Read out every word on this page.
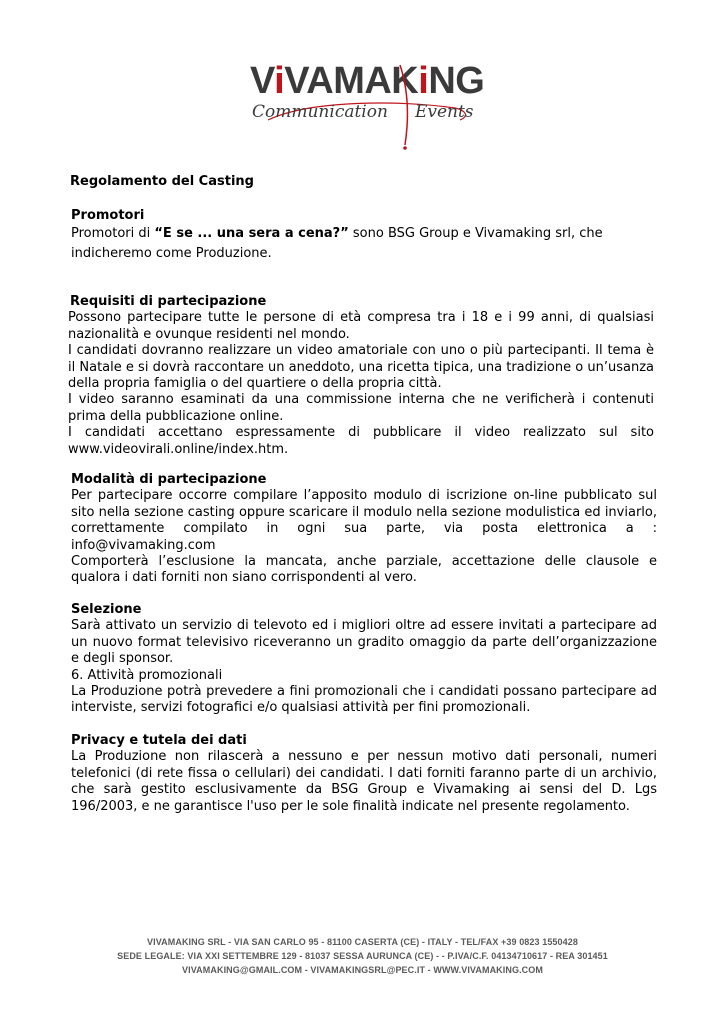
ViVAMAKiNG
Communication     Events
Regolamento del Casting
Promotori

Promotori di “E se ... una sera a cena?” sono BSG Group e Vivamaking srl, che indicheremo come Produzione.

Requisiti di partecipazione

Possono partecipare tutte le persone di età compresa tra i 18 e i 99 anni, di qualsiasi nazionalità e ovunque residenti nel mondo.

I candidati dovranno realizzare un video amatoriale con uno o più partecipanti. Il tema è il Natale e si dovrà raccontare un aneddoto, una ricetta tipica, una tradizione o un’usanza della propria famiglia o del quartiere o della propria città.

I video saranno esaminati da una commissione interna che ne verificherà i contenuti prima della pubblicazione online.

I candidati accettano espressamente di pubblicare il video realizzato sul sito www.videovirali.online/index.htm.

Modalità di partecipazione

Per partecipare occorre compilare l’apposito modulo di iscrizione on-line pubblicato sul sito nella sezione casting oppure scaricare il modulo nella sezione modulistica ed inviarlo, correttamente compilato in ogni sua parte, via posta elettronica a : info@vivamaking.com

Comporterà l’esclusione la mancata, anche parziale, accettazione delle clausole e qualora i dati forniti non siano corrispondenti al vero.

Selezione

Sarà attivato un servizio di televoto ed i migliori oltre ad essere invitati a partecipare ad un nuovo format televisivo riceveranno un gradito omaggio da parte dell’organizzazione e degli sponsor.

6. Attività promozionali

La Produzione potrà prevedere a fini promozionali che i candidati possano partecipare ad interviste, servizi fotografici e/o qualsiasi attività per fini promozionali.

Privacy e tutela dei dati

La Produzione non rilascerà a nessuno e per nessun motivo dati personali, numeri telefonici (di rete fissa o cellulari) dei candidati. I dati forniti faranno parte di un archivio, che sarà gestito esclusivamente da BSG Group e Vivamaking ai sensi del D. Lgs 196/2003, e ne garantisce l'uso per le sole finalità indicate nel presente regolamento.

VIVAMAKING SRL - VIA SAN CARLO 95 - 81100 CASERTA (CE) - ITALY - TEL/FAX +39 0823 1550428
SEDE LEGALE: VIA XXI SETTEMBRE 129 - 81037 SESSA AURUNCA (CE) - - P.IVA/C.F. 04134710617 - REA 301451
VIVAMAKING@GMAIL.COM - VIVAMAKINGSRL@PEC.IT - WWW.VIVAMAKING.COM
